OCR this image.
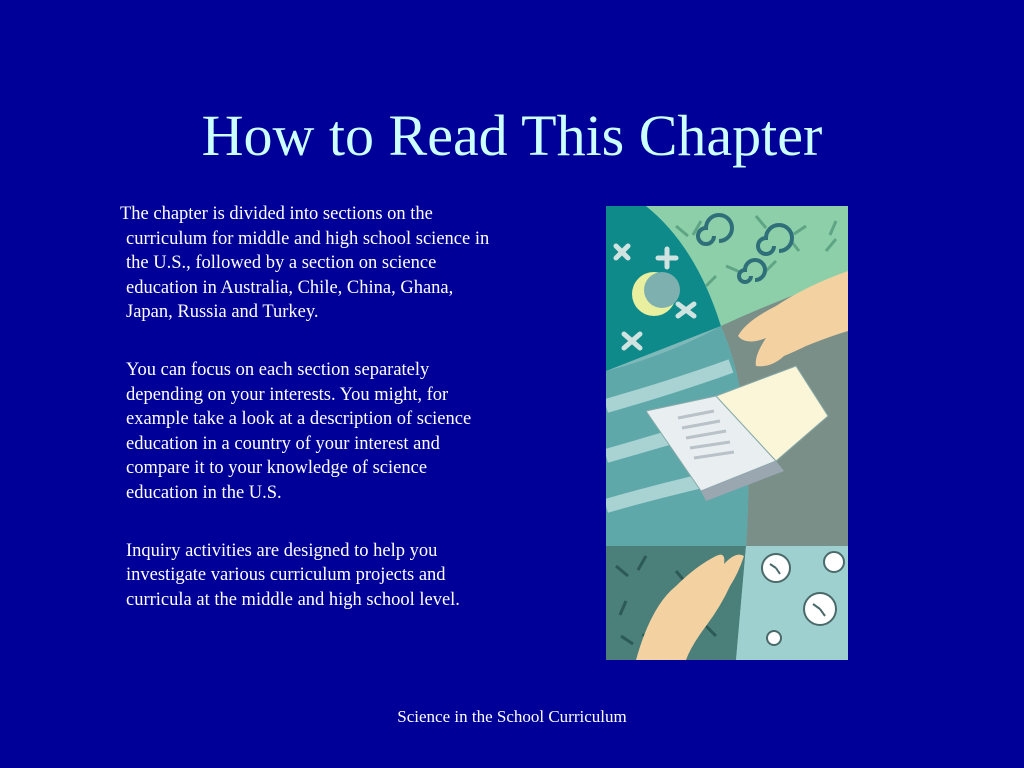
How to Read This Chapter

The chapter is divided into sections on the curriculum for middle and high school science in the U.S., followed by a section on science education in Australia, Chile, China, Ghana, Japan, Russia and Turkey.

You can focus on each section separately depending on your interests. You might, for example take a look at a description of science education in a country of your interest and compare it to your knowledge of science education in the U.S.

Inquiry activities are designed to help you investigate various curriculum projects and curricula at the middle and high school level.

Science in the School Curriculum
